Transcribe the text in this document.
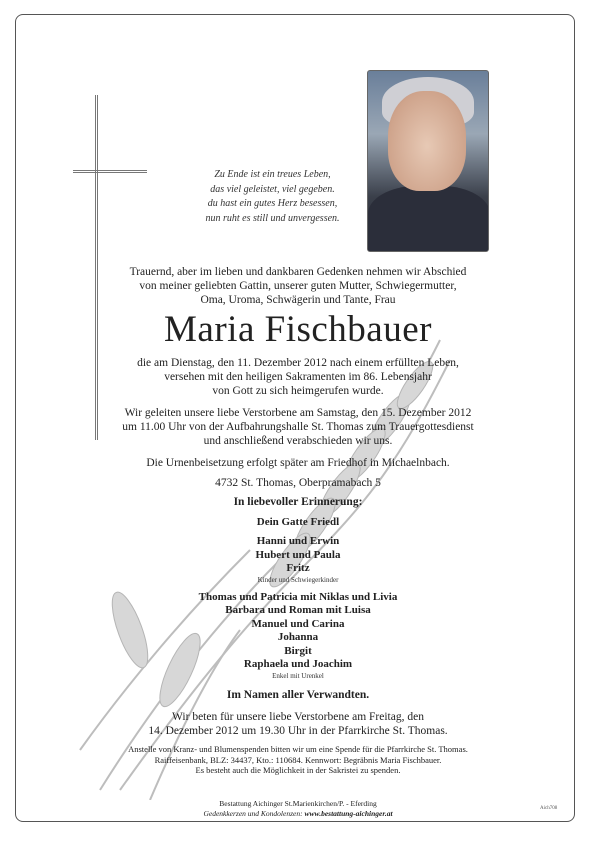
Zu Ende ist ein treues Leben,
das viel geleistet, viel gegeben.
du hast ein gutes Herz besessen,
nun ruht es still und unvergessen.
Trauernd, aber im lieben und dankbaren Gedenken nehmen wir Abschied
von meiner geliebten Gattin, unserer guten Mutter, Schwiegermutter,
Oma, Uroma, Schwägerin und Tante, Frau
Maria Fischbauer
die am Dienstag, den 11. Dezember 2012 nach einem erfüllten Leben,
versehen mit den heiligen Sakramenten im 86. Lebensjahr
von Gott zu sich heimgerufen wurde.
Wir geleiten unsere liebe Verstorbene am Samstag, den 15. Dezember 2012
um 11.00 Uhr von der Aufbahrungshalle St. Thomas zum Trauergottesdienst
und anschließend verabschieden wir uns.
Die Urnenbeisetzung erfolgt später am Friedhof in Michaelnbach.
4732 St. Thomas, Oberpramabach 5
In liebevoller Erinnerung:
Dein Gatte Friedl
Hanni und Erwin
Hubert und Paula
Fritz
Kinder und Schwiegerkinder
Thomas und Patricia mit Niklas und Livia
Barbara und Roman mit Luisa
Manuel und Carina
Johanna
Birgit
Raphaela und Joachim
Enkel mit Urenkel
Im Namen aller Verwandten.
Wir beten für unsere liebe Verstorbene am Freitag, den
14. Dezember 2012 um 19.30 Uhr in der Pfarrkirche St. Thomas.
Anstelle von Kranz- und Blumenspenden bitten wir um eine Spende für die Pfarrkirche St. Thomas.
Raiffeisenbank, BLZ: 34437, Kto.: 110684. Kennwort: Begräbnis Maria Fischbauer.
Es besteht auch die Möglichkeit in der Sakristei zu spenden.
Bestattung Aichinger St.Marienkirchen/P. - Eferding
Gedenkkerzen und Kondolenzen: www.bestattung-aichinger.at	Aich708
